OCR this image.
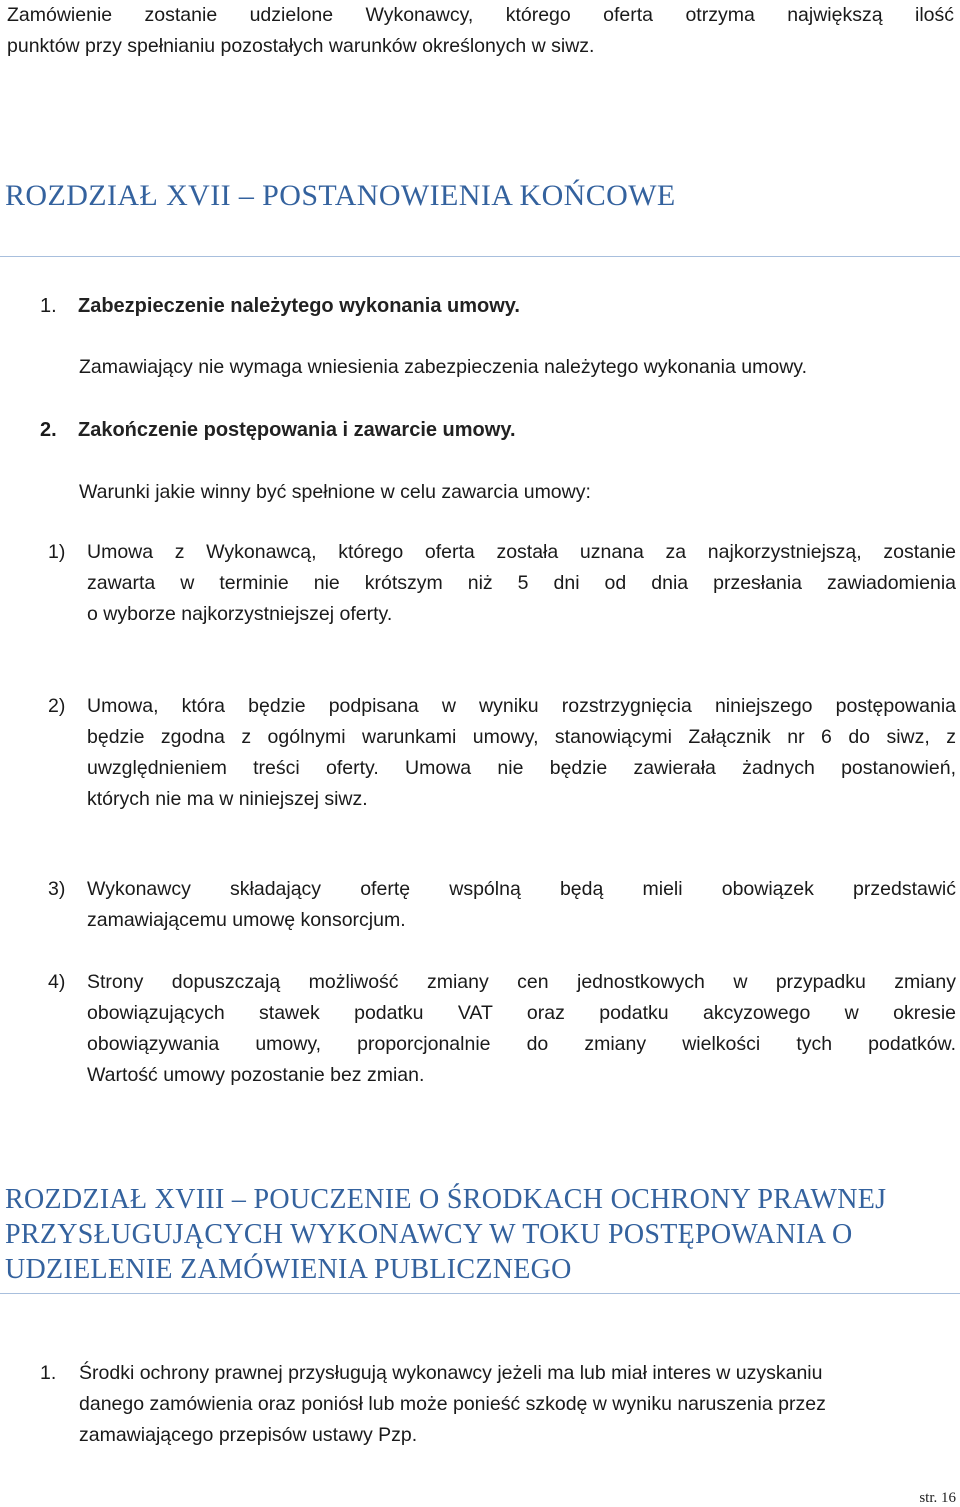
Zamówienie zostanie udzielone Wykonawcy, którego oferta otrzyma największą ilość
punktów przy spełnianiu pozostałych warunków określonych w siwz.
ROZDZIAŁ XVII – POSTANOWIENIA KOŃCOWE
1. Zabezpieczenie należytego wykonania umowy.
Zamawiający nie wymaga wniesienia zabezpieczenia należytego wykonania umowy.
2. Zakończenie postępowania i zawarcie umowy.
Warunki jakie winny być spełnione w celu zawarcia umowy:
1) Umowa z Wykonawcą, którego oferta została uznana za najkorzystniejszą, zostanie
zawarta w terminie nie krótszym niż 5 dni od dnia przesłania zawiadomienia
o wyborze najkorzystniejszej oferty.
2) Umowa, która będzie podpisana w wyniku rozstrzygnięcia niniejszego postępowania
będzie zgodna z ogólnymi warunkami umowy, stanowiącymi Załącznik nr 6 do siwz, z
uwzględnieniem treści oferty. Umowa nie będzie zawierała żadnych postanowień,
których nie ma w niniejszej siwz.
3) Wykonawcy składający ofertę wspólną będą mieli obowiązek przedstawić
zamawiającemu umowę konsorcjum.
4) Strony dopuszczają możliwość zmiany cen jednostkowych w przypadku zmiany
obowiązujących stawek podatku VAT oraz podatku akcyzowego w okresie
obowiązywania umowy, proporcjonalnie do zmiany wielkości tych podatków.
Wartość umowy pozostanie bez zmian.
ROZDZIAŁ XVIII – POUCZENIE O ŚRODKACH OCHRONY PRAWNEJ
PRZYSŁUGUJĄCYCH WYKONAWCY W TOKU POSTĘPOWANIA O
UDZIELENIE ZAMÓWIENIA PUBLICZNEGO
1. Środki ochrony prawnej przysługują wykonawcy jeżeli ma lub miał interes w uzyskaniu
danego zamówienia oraz poniósł lub może ponieść szkodę w wyniku naruszenia przez
zamawiającego przepisów ustawy Pzp.
str. 16
